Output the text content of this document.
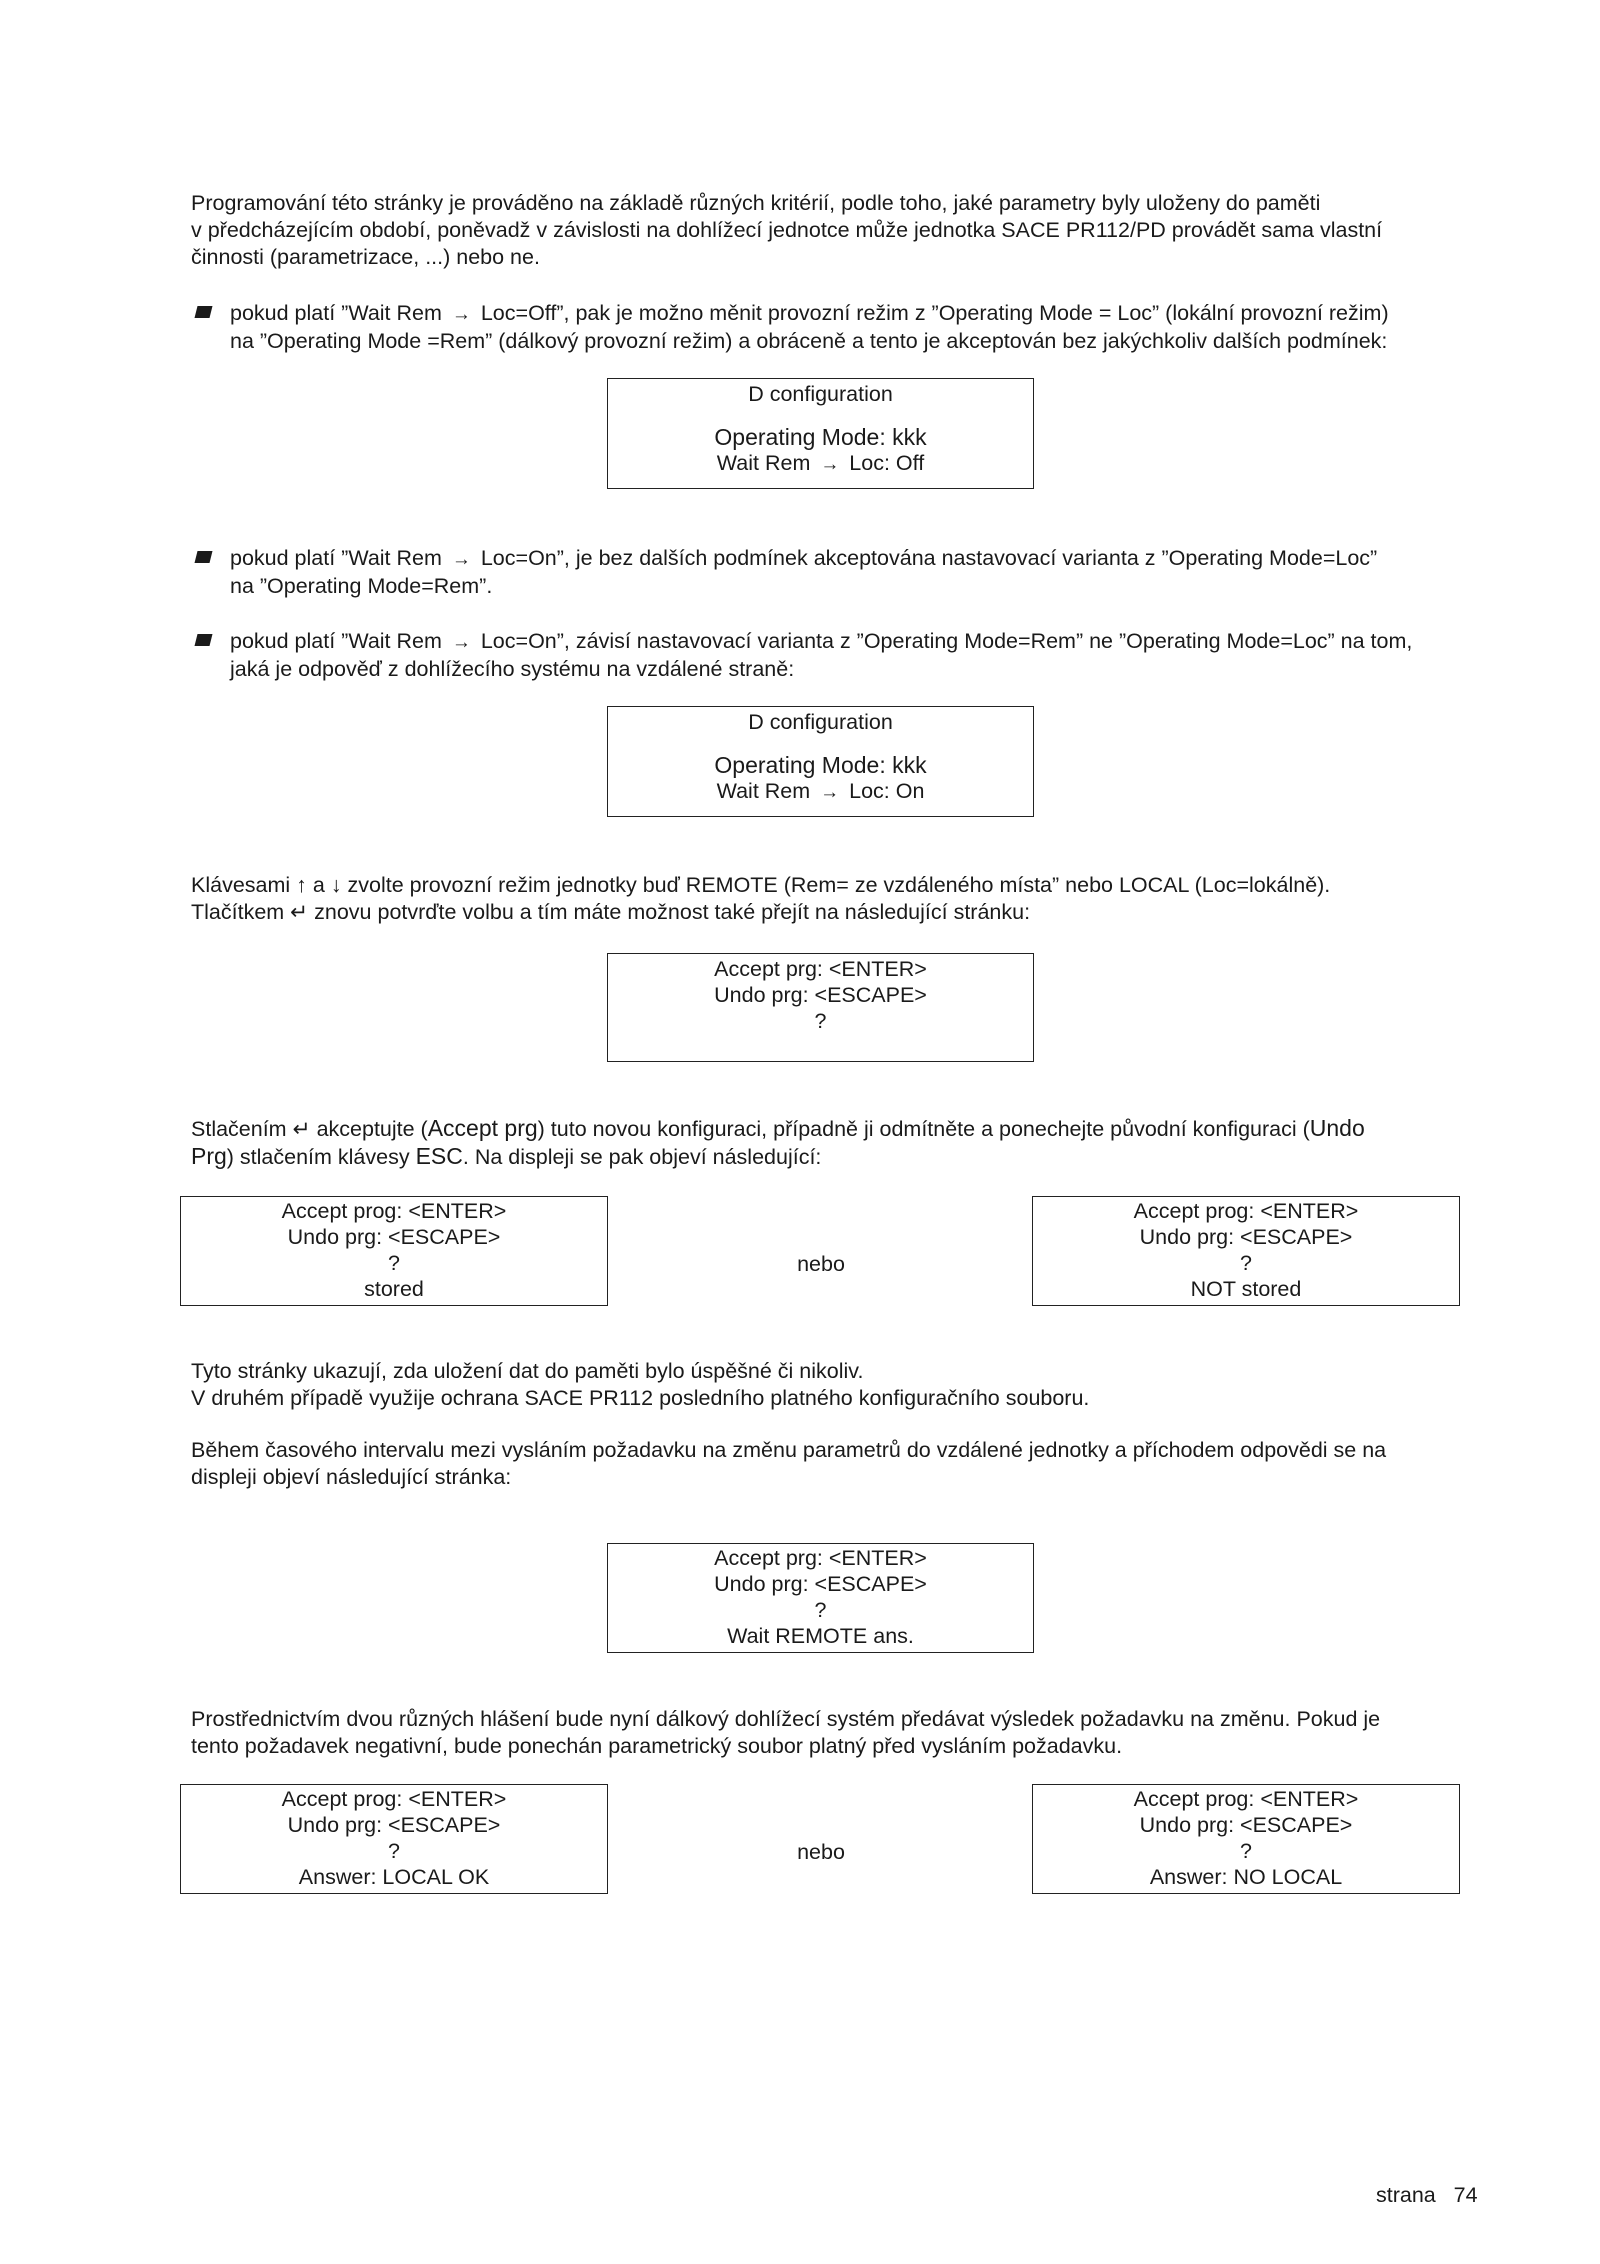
Programování této stránky je prováděno na základě různých kritérií, podle toho, jaké parametry byly uloženy do paměti
v předcházejícím období, poněvadž v závislosti na dohlížecí jednotce může jednotka SACE PR112/PD provádět sama vlastní
činnosti (parametrizace, ...) nebo ne.
pokud platí ”Wait Rem → Loc=Off”, pak je možno měnit provozní režim z ”Operating Mode = Loc” (lokální provozní režim)
na ”Operating Mode =Rem” (dálkový provozní režim) a obráceně a tento je akceptován bez jakýchkoliv dalších podmínek:
D configuration
Operating Mode: kkk
Wait Rem → Loc: Off
pokud platí ”Wait Rem → Loc=On”, je bez dalších podmínek akceptována nastavovací varianta z ”Operating Mode=Loc”
na ”Operating Mode=Rem”.
pokud platí ”Wait Rem → Loc=On”, závisí nastavovací varianta z ”Operating Mode=Rem” ne ”Operating Mode=Loc” na tom,
jaká je odpověď z dohlížecího systému na vzdálené straně:
D configuration
Operating Mode: kkk
Wait Rem → Loc: On
Klávesami ↑ a ↓ zvolte provozní režim jednotky buď REMOTE (Rem= ze vzdáleného místa” nebo LOCAL (Loc=lokálně).
Tlačítkem ↵ znovu potvrďte volbu a tím máte možnost také přejít na následující stránku:
Accept prg: <ENTER>
Undo prg: <ESCAPE>
?
Stlačením ↵ akceptujte (Accept prg) tuto novou konfiguraci, případně ji odmítněte a ponechejte původní konfiguraci (Undo
Prg) stlačením klávesy ESC. Na displeji se pak objeví následující:
Accept prog: <ENTER>
Undo prg: <ESCAPE>
?
stored
nebo
Accept prog: <ENTER>
Undo prg: <ESCAPE>
?
NOT stored
Tyto stránky ukazují, zda uložení dat do paměti bylo úspěšné či nikoliv.
V druhém případě využije ochrana SACE PR112 posledního platného konfiguračního souboru.
Během časového intervalu mezi vysláním požadavku na změnu parametrů do vzdálené jednotky a příchodem odpovědi se na
displeji objeví následující stránka:
Accept prg: <ENTER>
Undo prg: <ESCAPE>
?
Wait REMOTE ans.
Prostřednictvím dvou různých hlášení bude nyní dálkový dohlížecí systém předávat výsledek požadavku na změnu. Pokud je
tento požadavek negativní, bude ponechán parametrický soubor platný před vysláním požadavku.
Accept prog: <ENTER>
Undo prg: <ESCAPE>
?
Answer: LOCAL OK
nebo
Accept prog: <ENTER>
Undo prg: <ESCAPE>
?
Answer: NO LOCAL
strana   74
